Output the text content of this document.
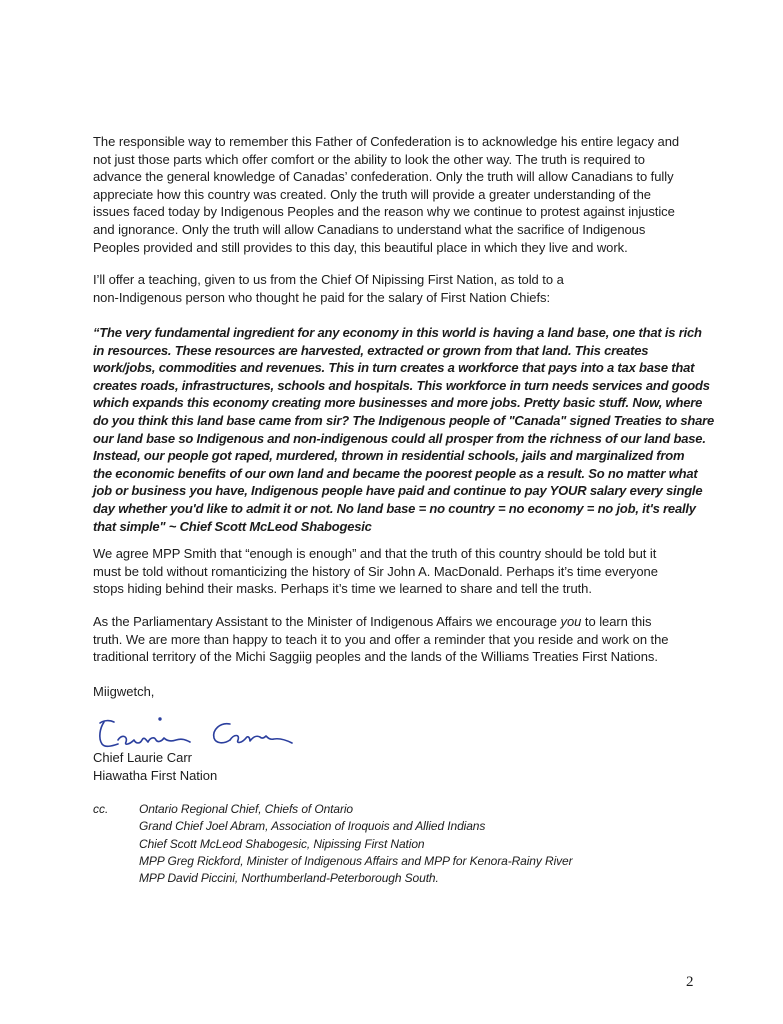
The responsible way to remember this Father of Confederation is to acknowledge his entire legacy and
not just those parts which offer comfort or the ability to look the other way. The truth is required to
advance the general knowledge of Canadas’ confederation. Only the truth will allow Canadians to fully
appreciate how this country was created. Only the truth will provide a greater understanding of the
issues faced today by Indigenous Peoples and the reason why we continue to protest against injustice
and ignorance. Only the truth will allow Canadians to understand what the sacrifice of Indigenous
Peoples provided and still provides to this day, this beautiful place in which they live and work.
I’ll offer a teaching, given to us from the Chief Of Nipissing First Nation, as told to a
non-Indigenous person who thought he paid for the salary of First Nation Chiefs:
“The very fundamental ingredient for any economy in this world is having a land base, one that is rich
in resources. These resources are harvested, extracted or grown from that land. This creates
work/jobs, commodities and revenues. This in turn creates a workforce that pays into a tax base that
creates roads, infrastructures, schools and hospitals. This workforce in turn needs services and goods
which expands this economy creating more businesses and more jobs. Pretty basic stuff. Now, where
do you think this land base came from sir? The Indigenous people of "Canada" signed Treaties to share
our land base so Indigenous and non-indigenous could all prosper from the richness of our land base.
Instead, our people got raped, murdered, thrown in residential schools, jails and marginalized from
the economic benefits of our own land and became the poorest people as a result. So no matter what
job or business you have, Indigenous people have paid and continue to pay YOUR salary every single
day whether you'd like to admit it or not. No land base = no country = no economy = no job, it's really
that simple" ~ Chief Scott McLeod Shabogesic
We agree MPP Smith that “enough is enough” and that the truth of this country should be told but it
must be told without romanticizing the history of Sir John A. MacDonald. Perhaps it’s time everyone
stops hiding behind their masks. Perhaps it’s time we learned to share and tell the truth.
As the Parliamentary Assistant to the Minister of Indigenous Affairs we encourage you to learn this
truth. We are more than happy to teach it to you and offer a reminder that you reside and work on the
traditional territory of the Michi Saggiig peoples and the lands of the Williams Treaties First Nations.
Miigwetch,
Chief Laurie Carr
Hiawatha First Nation
cc.	Ontario Regional Chief, Chiefs of Ontario
Grand Chief Joel Abram, Association of Iroquois and Allied Indians
Chief Scott McLeod Shabogesic, Nipissing First Nation
MPP Greg Rickford, Minister of Indigenous Affairs and MPP for Kenora-Rainy River
MPP David Piccini, Northumberland-Peterborough South.
2
